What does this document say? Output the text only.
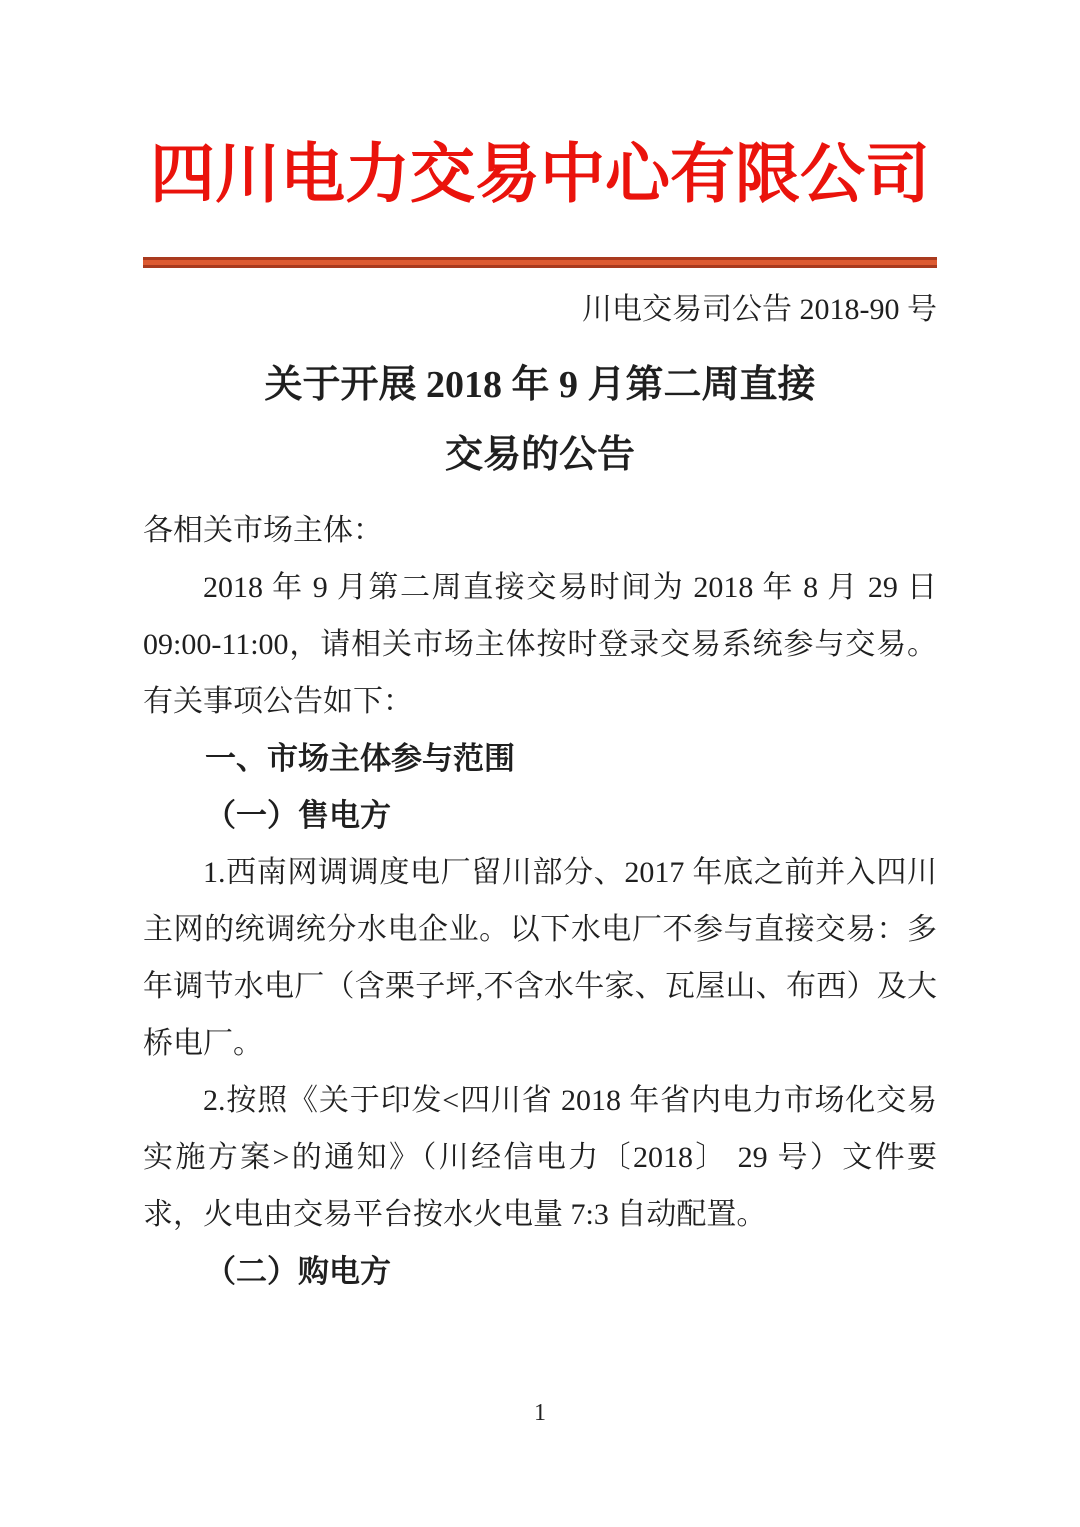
四川电力交易中心有限公司
川电交易司公告 2018-90 号
关于开展 2018 年 9 月第二周直接
交易的公告

各相关市场主体：

2018 年 9 月第二周直接交易时间为 2018 年 8 月 29 日 09:00-11:00，请相关市场主体按时登录交易系统参与交易。有关事项公告如下：

一、市场主体参与范围

（一）售电方

1.西南网调调度电厂留川部分、2017 年底之前并入四川主网的统调统分水电企业。以下水电厂不参与直接交易：多年调节水电厂（含栗子坪,不含水牛家、瓦屋山、布西）及大桥电厂。

2.按照《关于印发<四川省 2018 年省内电力市场化交易实施方案>的通知》（川经信电力〔2018〕 29 号）文件要求，火电由交易平台按水火电量 7:3 自动配置。

（二）购电方

1
